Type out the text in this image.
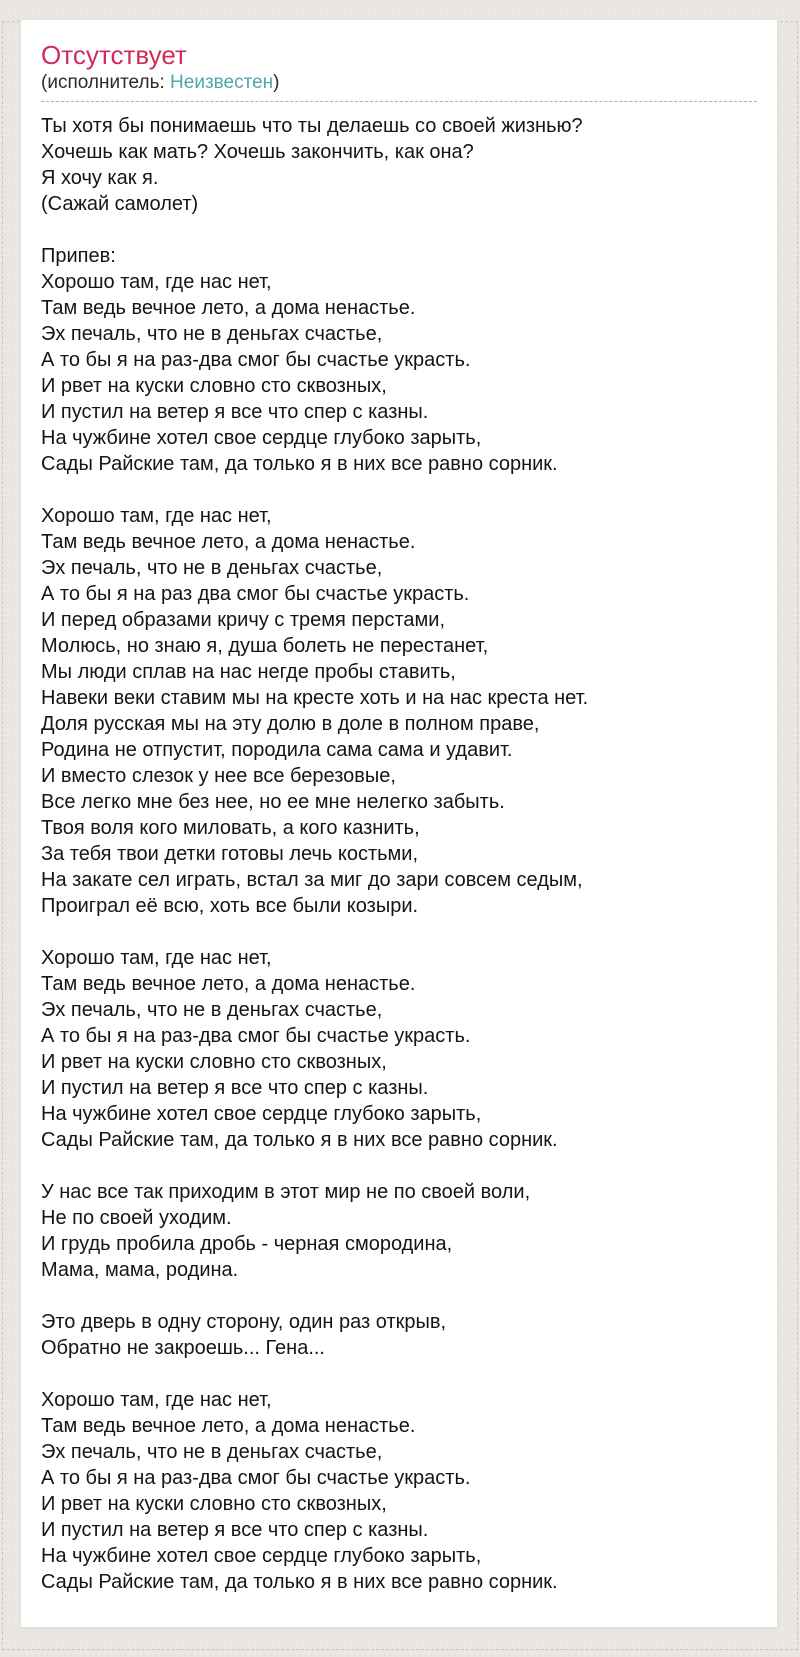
Отсутствует
(исполнитель: Неизвестен)
Ты хотя бы понимаешь что ты делаешь со своей жизнью?
Хочешь как мать? Хочешь закончить, как она?
Я хочу как я.
(Сажай самолет)
Припев:
Хорошо там, где нас нет,
Там ведь вечное лето, а дома ненастье.
Эх печаль, что не в деньгах счастье,
А то бы я на раз-два смог бы счастье украсть.
И рвет на куски словно сто сквозных,
И пустил на ветер я все что спер с казны.
На чужбине хотел свое сердце глубоко зарыть,
Сады Райские там, да только я в них все равно сорник.
Хорошо там, где нас нет,
Там ведь вечное лето, а дома ненастье.
Эх печаль, что не в деньгах счастье,
А то бы я на раз два смог бы счастье украсть.
И перед образами кричу с тремя перстами,
Молюсь, но знаю я, душа болеть не перестанет,
Мы люди сплав на нас негде пробы ставить,
Навеки веки ставим мы на кресте хоть и на нас креста нет.
Доля русская мы на эту долю в доле в полном праве,
Родина не отпустит, породила сама сама и удавит.
И вместо слезок у нее все березовые,
Все легко мне без нее, но ее мне нелегко забыть.
Твоя воля кого миловать, а кого казнить,
За тебя твои детки готовы лечь костьми,
На закате сел играть, встал за миг до зари совсем седым,
Проиграл её всю, хоть все были козыри.
Хорошо там, где нас нет,
Там ведь вечное лето, а дома ненастье.
Эх печаль, что не в деньгах счастье,
А то бы я на раз-два смог бы счастье украсть.
И рвет на куски словно сто сквозных,
И пустил на ветер я все что спер с казны.
На чужбине хотел свое сердце глубоко зарыть,
Сады Райские там, да только я в них все равно сорник.
У нас все так приходим в этот мир не по своей воли,
Не по своей уходим.
И грудь пробила дробь - черная смородина,
Мама, мама, родина.
Это дверь в одну сторону, один раз открыв,
Обратно не закроешь... Гена...
Хорошо там, где нас нет,
Там ведь вечное лето, а дома ненастье.
Эх печаль, что не в деньгах счастье,
А то бы я на раз-два смог бы счастье украсть.
И рвет на куски словно сто сквозных,
И пустил на ветер я все что спер с казны.
На чужбине хотел свое сердце глубоко зарыть,
Сады Райские там, да только я в них все равно сорник.
